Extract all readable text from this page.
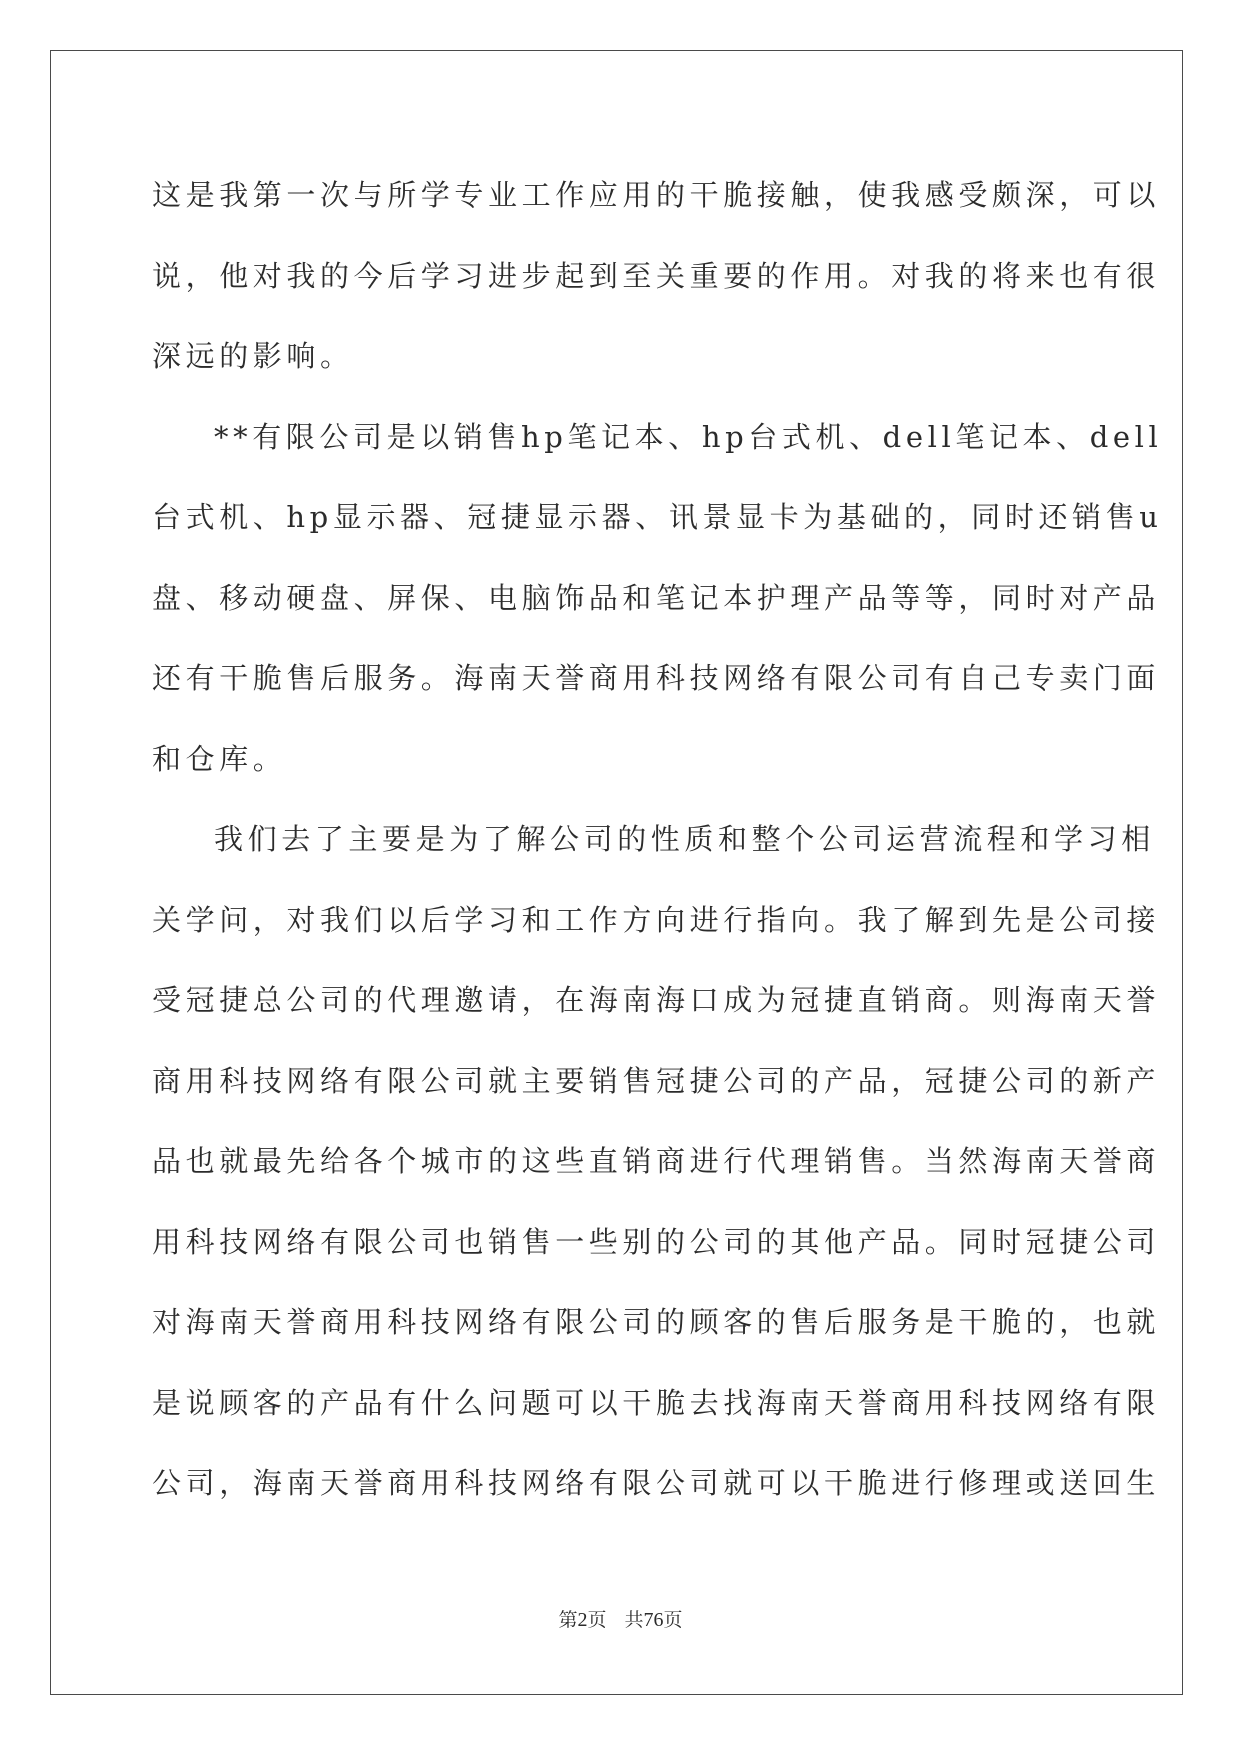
这是我第一次与所学专业工作应用的干脆接触，使我感受颇深，可以

说，他对我的今后学习进步起到至关重要的作用。对我的将来也有很

深远的影响。

**有限公司是以销售hp笔记本、hp台式机、dell笔记本、dell

台式机、hp显示器、冠捷显示器、讯景显卡为基础的，同时还销售u

盘、移动硬盘、屏保、电脑饰品和笔记本护理产品等等，同时对产品

还有干脆售后服务。海南天誉商用科技网络有限公司有自己专卖门面

和仓库。

我们去了主要是为了解公司的性质和整个公司运营流程和学习相

关学问，对我们以后学习和工作方向进行指向。我了解到先是公司接

受冠捷总公司的代理邀请，在海南海口成为冠捷直销商。则海南天誉

商用科技网络有限公司就主要销售冠捷公司的产品，冠捷公司的新产

品也就最先给各个城市的这些直销商进行代理销售。当然海南天誉商

用科技网络有限公司也销售一些别的公司的其他产品。同时冠捷公司

对海南天誉商用科技网络有限公司的顾客的售后服务是干脆的，也就

是说顾客的产品有什么问题可以干脆去找海南天誉商用科技网络有限

公司，海南天誉商用科技网络有限公司就可以干脆进行修理或送回生

第2页 共76页
